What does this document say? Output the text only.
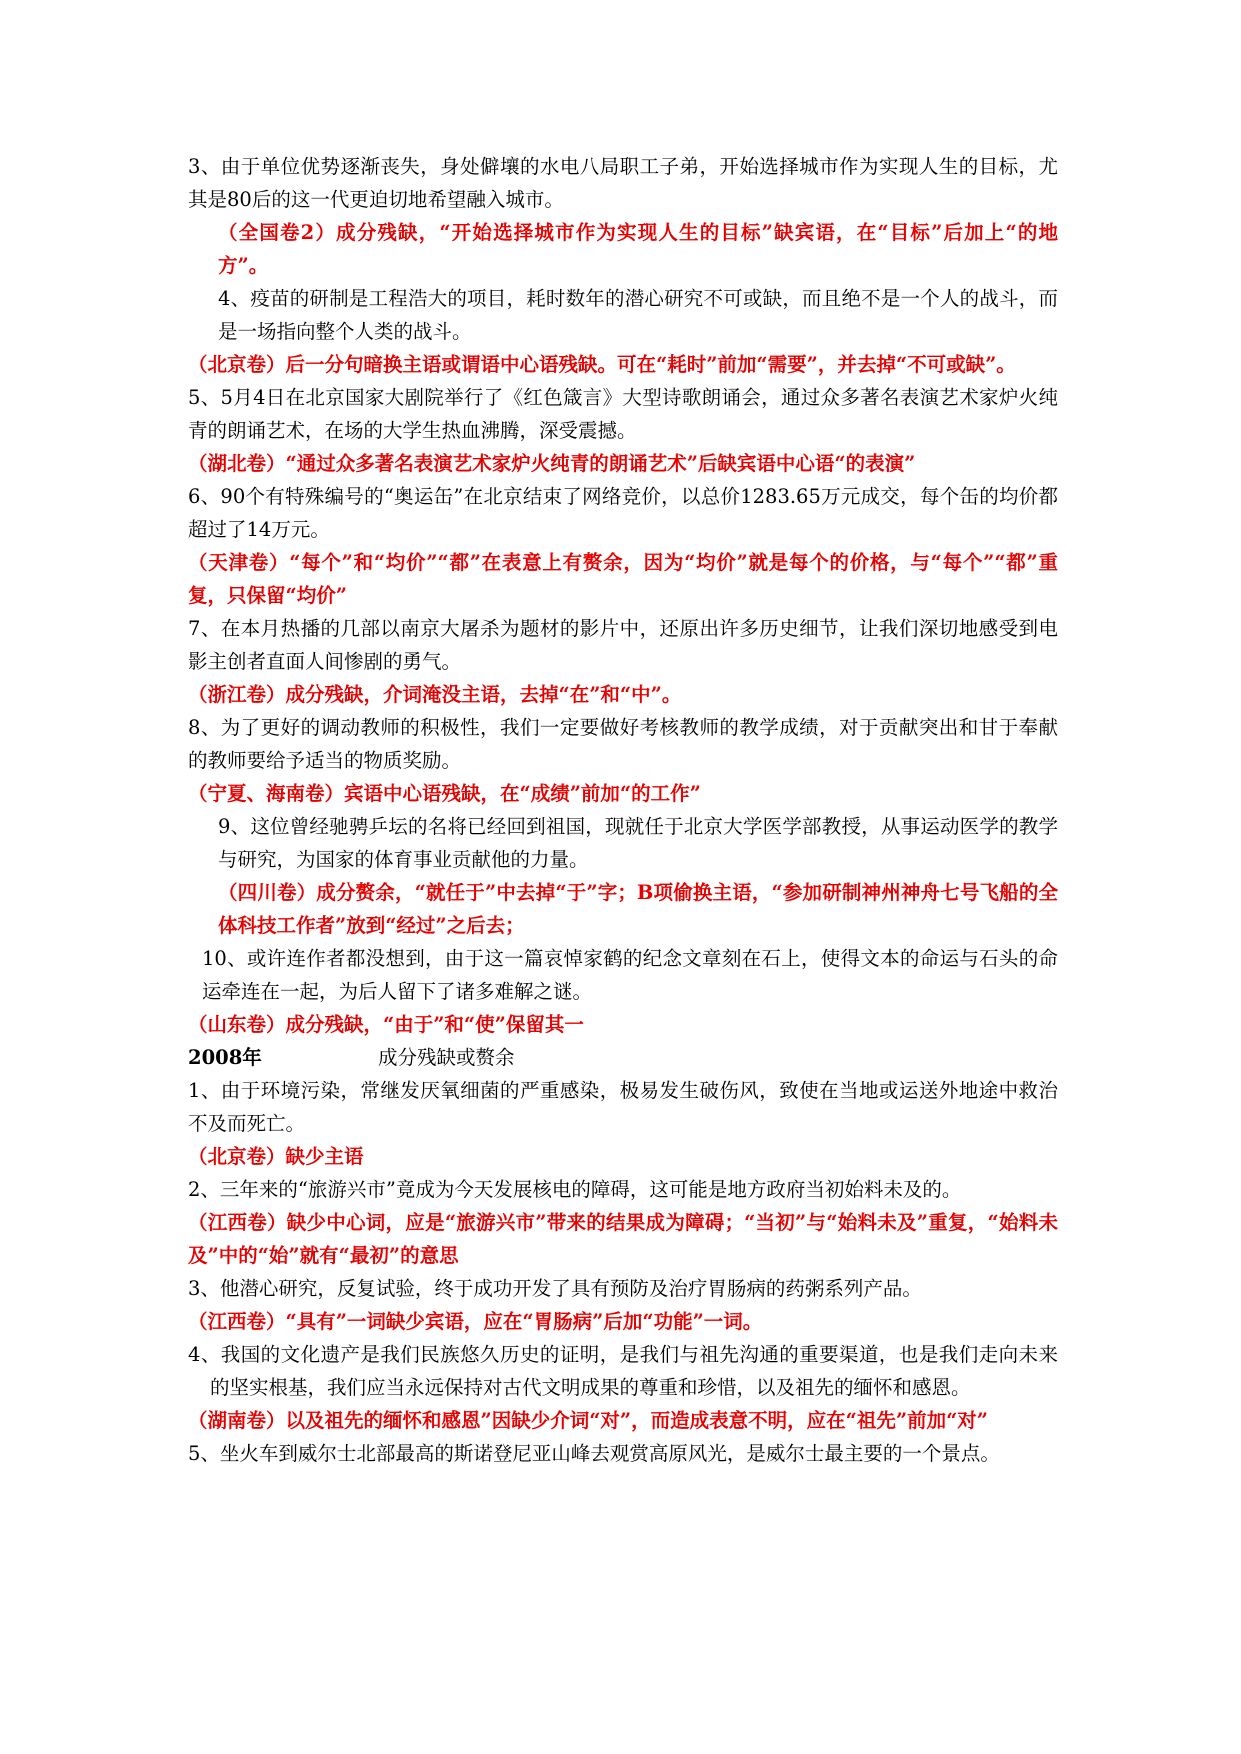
3、由于单位优势逐渐丧失，身处僻壤的水电八局职工子弟，开始选择城市作为实现人生的目标，尤其是80后的这一代更迫切地希望融入城市。

（全国卷2）成分残缺，“开始选择城市作为实现人生的目标”缺宾语，在“目标”后加上“的地方”。

4、疫苗的研制是工程浩大的项目，耗时数年的潜心研究不可或缺，而且绝不是一个人的战斗，而是一场指向整个人类的战斗。

（北京卷）后一分句暗换主语或谓语中心语残缺。可在“耗时”前加“需要”，并去掉“不可或缺”。

5、5月4日在北京国家大剧院举行了《红色箴言》大型诗歌朗诵会，通过众多著名表演艺术家炉火纯青的朗诵艺术，在场的大学生热血沸腾，深受震撼。

（湖北卷）“通过众多著名表演艺术家炉火纯青的朗诵艺术”后缺宾语中心语“的表演”

6、90个有特殊编号的“奥运缶”在北京结束了网络竞价，以总价1283.65万元成交，每个缶的均价都超过了14万元。

（天津卷）“每个”和“均价”“都”在表意上有赘余，因为“均价”就是每个的价格，与“每个”“都”重复，只保留“均价”

7、在本月热播的几部以南京大屠杀为题材的影片中，还原出许多历史细节，让我们深切地感受到电影主创者直面人间惨剧的勇气。

（浙江卷）成分残缺，介词淹没主语，去掉“在”和“中”。

8、为了更好的调动教师的积极性，我们一定要做好考核教师的教学成绩，对于贡献突出和甘于奉献的教师要给予适当的物质奖励。

（宁夏、海南卷）宾语中心语残缺，在“成绩”前加“的工作”

9、这位曾经驰骋乒坛的名将已经回到祖国，现就任于北京大学医学部教授，从事运动医学的教学与研究，为国家的体育事业贡献他的力量。

（四川卷）成分赘余，“就任于”中去掉“于”字；B项偷换主语，“参加研制神州神舟七号飞船的全体科技工作者”放到“经过”之后去；

10、或许连作者都没想到，由于这一篇哀悼家鹤的纪念文章刻在石上，使得文本的命运与石头的命运牵连在一起，为后人留下了诸多难解之谜。

（山东卷）成分残缺，“由于”和“使”保留其一

2008年	成分残缺或赘余

1、由于环境污染，常继发厌氧细菌的严重感染，极易发生破伤风，致使在当地或运送外地途中救治不及而死亡。

（北京卷）缺少主语

2、三年来的“旅游兴市”竟成为今天发展核电的障碍，这可能是地方政府当初始料未及的。

（江西卷）缺少中心词，应是“旅游兴市”带来的结果成为障碍；“当初”与“始料未及”重复，“始料未及”中的“始”就有“最初”的意思

3、他潜心研究，反复试验，终于成功开发了具有预防及治疗胃肠病的药粥系列产品。

（江西卷）“具有”一词缺少宾语，应在“胃肠病”后加“功能”一词。

4、我国的文化遗产是我们民族悠久历史的证明，是我们与祖先沟通的重要渠道，也是我们走向未来的坚实根基，我们应当永远保持对古代文明成果的尊重和珍惜，以及祖先的缅怀和感恩。

（湖南卷）以及祖先的缅怀和感恩”因缺少介词“对”，而造成表意不明，应在“祖先”前加“对”

5、坐火车到威尔士北部最高的斯诺登尼亚山峰去观赏高原风光，是威尔士最主要的一个景点。
